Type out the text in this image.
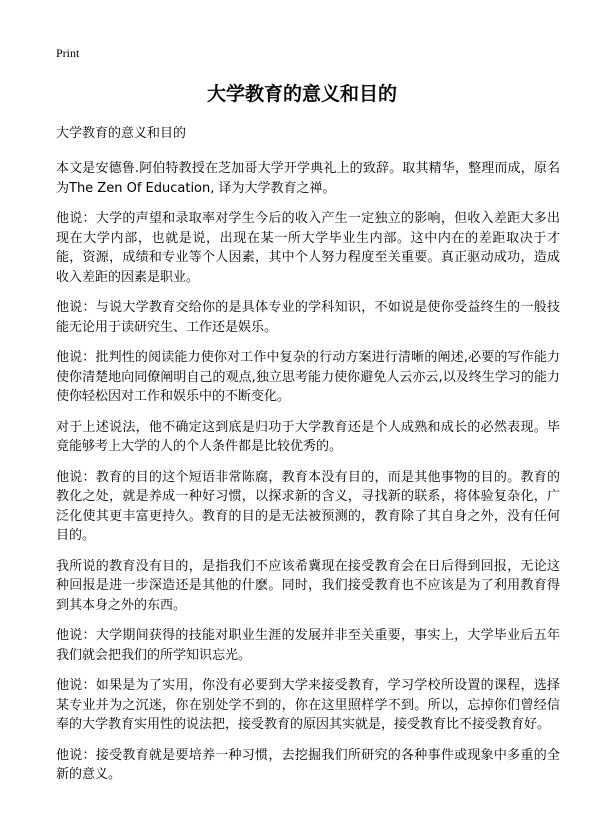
Print
大学教育的意义和目的
大学教育的意义和目的

本文是安德鲁.阿伯特教授在芝加哥大学开学典礼上的致辞。取其精华，整理而成，原名为The Zen Of Education, 译为大学教育之禅。

他说：大学的声望和录取率对学生今后的收入产生一定独立的影响，但收入差距大多出现在大学内部，也就是说，出现在某一所大学毕业生内部。这中内在的差距取决于才能，资源，成绩和专业等个人因素，其中个人努力程度至关重要。真正驱动成功，造成收入差距的因素是职业。

他说：与说大学教育交给你的是具体专业的学科知识，不如说是使你受益终生的一般技能无论用于读研究生、工作还是娱乐。

他说：批判性的阅读能力使你对工作中复杂的行动方案进行清晰的阐述,必要的写作能力使你清楚地向同僚阐明自己的观点,独立思考能力使你避免人云亦云,以及终生学习的能力使你轻松因对工作和娱乐中的不断变化。

对于上述说法，他不确定这到底是归功于大学教育还是个人成熟和成长的必然表现。毕竟能够考上大学的人的个人条件都是比较优秀的。

他说：教育的目的这个短语非常陈腐，教育本没有目的，而是其他事物的目的。教育的教化之处，就是养成一种好习惯，以探求新的含义，寻找新的联系，将体验复杂化，广泛化使其更丰富更持久。教育的目的是无法被预测的，教育除了其自身之外，没有任何目的。

我所说的教育没有目的，是指我们不应该希冀现在接受教育会在日后得到回报，无论这种回报是进一步深造还是其他的什麽。同时，我们接受教育也不应该是为了利用教育得到其本身之外的东西。

他说：大学期间获得的技能对职业生涯的发展并非至关重要，事实上，大学毕业后五年我们就会把我们的所学知识忘光。

他说：如果是为了实用，你没有必要到大学来接受教育，学习学校所设置的课程，选择某专业并为之沉迷，你在别处学不到的，你在这里照样学不到。所以，忘掉你们曾经信奉的大学教育实用性的说法把，接受教育的原因其实就是，接受教育比不接受教育好。

他说：接受教育就是要培养一种习惯，去挖掘我们所研究的各种事件或现象中多重的全新的意义。
